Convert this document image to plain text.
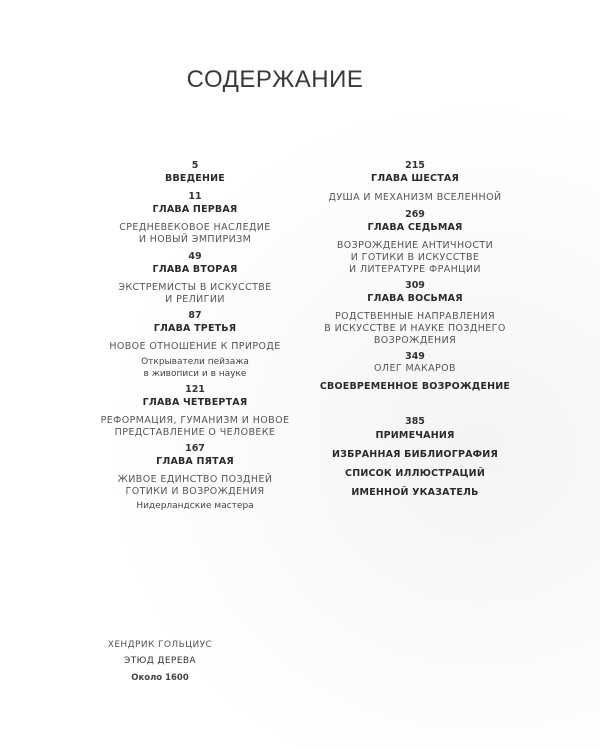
СОДЕРЖАНИЕ
5
ВВЕДЕНИЕ
11
ГЛАВА ПЕРВАЯ
СРЕДНЕВЕКОВОЕ НАСЛЕДИЕ
И НОВЫЙ ЭМПИРИЗМ
49
ГЛАВА ВТОРАЯ
ЭКСТРЕМИСТЫ В ИСКУССТВЕ
И РЕЛИГИИ
87
ГЛАВА ТРЕТЬЯ
НОВОЕ ОТНОШЕНИЕ К ПРИРОДЕ
Открыватели пейзажа
в живописи и в науке
121
ГЛАВА ЧЕТВЕРТАЯ
РЕФОРМАЦИЯ, ГУМАНИЗМ И НОВОЕ
ПРЕДСТАВЛЕНИЕ О ЧЕЛОВЕКЕ
167
ГЛАВА ПЯТАЯ
ЖИВОЕ ЕДИНСТВО ПОЗДНЕЙ
ГОТИКИ И ВОЗРОЖДЕНИЯ
Нидерландские мастера
215
ГЛАВА ШЕСТАЯ
ДУША И МЕХАНИЗМ ВСЕЛЕННОЙ
269
ГЛАВА СЕДЬМАЯ
ВОЗРОЖДЕНИЕ АНТИЧНОСТИ
И ГОТИКИ В ИСКУССТВЕ
И ЛИТЕРАТУРЕ ФРАНЦИИ
309
ГЛАВА ВОСЬМАЯ
РОДСТВЕННЫЕ НАПРАВЛЕНИЯ
В ИСКУССТВЕ И НАУКЕ ПОЗДНЕГО
ВОЗРОЖДЕНИЯ
349
ОЛЕГ МАКАРОВ
СВОЕВРЕМЕННОЕ ВОЗРОЖДЕНИЕ
385
ПРИМЕЧАНИЯ
ИЗБРАННАЯ БИБЛИОГРАФИЯ
СПИСОК ИЛЛЮСТРАЦИЙ
ИМЕННОЙ УКАЗАТЕЛЬ
ХЕНДРИК ГОЛЬЦИУС
ЭТЮД ДЕРЕВА
Около 1600
